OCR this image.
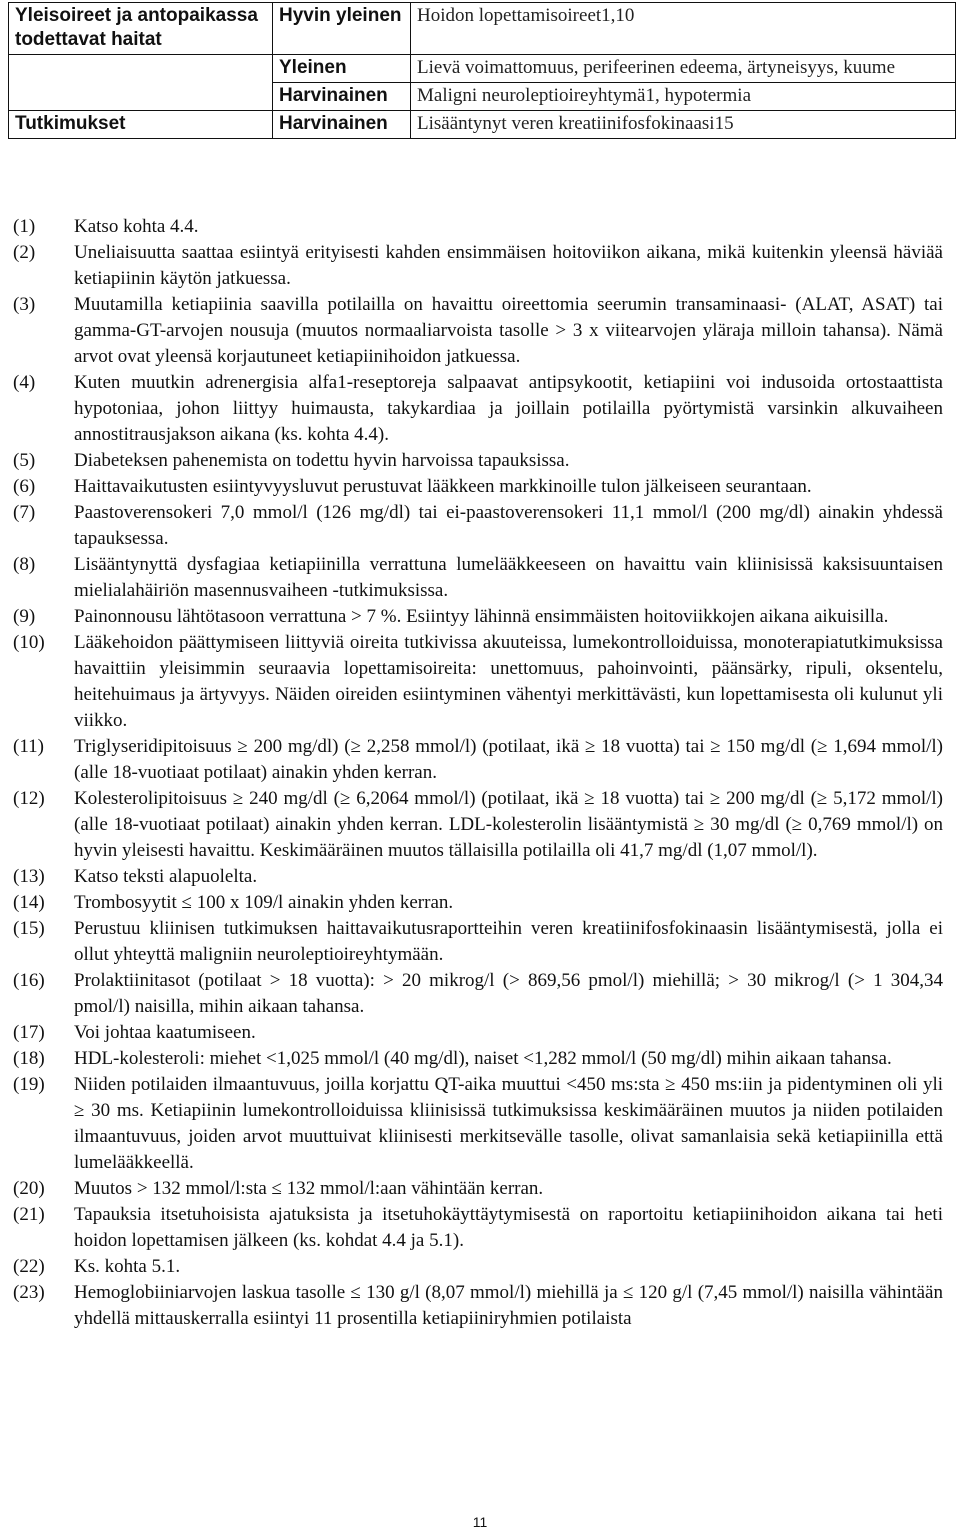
Yleisoireet ja antopaikassa todettavat haitat	Hyvin yleinen	Hoidon lopettamisoireet1,10
	Yleinen	Lievä voimattomuus, perifeerinen edeema, ärtyneisyys, kuume
	Harvinainen	Maligni neuroleptioireyhtymä1, hypotermia
Tutkimukset	Harvinainen	Lisääntynyt veren kreatiinifosfokinaasi15
(1)	Katso kohta 4.4.
(2)	Uneliaisuutta saattaa esiintyä erityisesti kahden ensimmäisen hoitoviikon aikana, mikä kuitenkin yleensä häviää ketiapiinin käytön jatkuessa.
(3)	Muutamilla ketiapiinia saavilla potilailla on havaittu oireettomia seerumin transaminaasi- (ALAT, ASAT) tai gamma-GT-arvojen nousuja (muutos normaaliarvoista tasolle > 3 x viitearvojen yläraja milloin tahansa). Nämä arvot ovat yleensä korjautuneet ketiapiinihoidon jatkuessa.
(4)	Kuten muutkin adrenergisia alfa1-reseptoreja salpaavat antipsykootit, ketiapiini voi indusoida ortostaattista hypotoniaa, johon liittyy huimausta, takykardiaa ja joillain potilailla pyörtymistä varsinkin alkuvaiheen annostitrausjakson aikana (ks. kohta 4.4).
(5)	Diabeteksen pahenemista on todettu hyvin harvoissa tapauksissa.
(6)	Haittavaikutusten esiintyvyysluvut perustuvat lääkkeen markkinoille tulon jälkeiseen seurantaan.
(7)	Paastoverensokeri 7,0 mmol/l (126 mg/dl) tai ei-paastoverensokeri 11,1 mmol/l (200 mg/dl) ainakin yhdessä tapauksessa.
(8)	Lisääntynyttä dysfagiaa ketiapiinilla verrattuna lumelääkkeeseen on havaittu vain kliinisissä kaksisuuntaisen mielialahäiriön masennusvaiheen -tutkimuksissa.
(9)	Painonnousu lähtötasoon verrattuna > 7 %. Esiintyy lähinnä ensimmäisten hoitoviikkojen aikana aikuisilla.
(10)	Lääkehoidon päättymiseen liittyviä oireita tutkivissa akuuteissa, lumekontrolloiduissa, monoterapiatutkimuksissa havaittiin yleisimmin seuraavia lopettamisoireita: unettomuus, pahoinvointi, päänsärky, ripuli, oksentelu, heitehuimaus ja ärtyvyys. Näiden oireiden esiintyminen vähentyi merkittävästi, kun lopettamisesta oli kulunut yli viikko.
(11)	Triglyseridipitoisuus ≥ 200 mg/dl) (≥ 2,258 mmol/l) (potilaat, ikä ≥ 18 vuotta) tai ≥ 150 mg/dl (≥ 1,694 mmol/l) (alle 18-vuotiaat potilaat) ainakin yhden kerran.
(12)	Kolesterolipitoisuus ≥ 240 mg/dl (≥ 6,2064 mmol/l) (potilaat, ikä ≥ 18 vuotta) tai ≥ 200 mg/dl (≥ 5,172 mmol/l) (alle 18-vuotiaat potilaat) ainakin yhden kerran. LDL-kolesterolin lisääntymistä ≥ 30 mg/dl (≥ 0,769 mmol/l) on hyvin yleisesti havaittu. Keskimääräinen muutos tällaisilla potilailla oli 41,7 mg/dl (1,07 mmol/l).
(13)	Katso teksti alapuolelta.
(14)	Trombosyytit ≤ 100 x 109/l ainakin yhden kerran.
(15)	Perustuu kliinisen tutkimuksen haittavaikutusraportteihin veren kreatiinifosfokinaasin lisääntymisestä, jolla ei ollut yhteyttä maligniin neuroleptioireyhtymään.
(16)	Prolaktiinitasot (potilaat > 18 vuotta): > 20 mikrog/l (> 869,56 pmol/l) miehillä; > 30 mikrog/l (> 1 304,34 pmol/l) naisilla, mihin aikaan tahansa.
(17)	Voi johtaa kaatumiseen.
(18)	HDL-kolesteroli: miehet <1,025 mmol/l (40 mg/dl), naiset <1,282 mmol/l (50 mg/dl) mihin aikaan tahansa.
(19)	Niiden potilaiden ilmaantuvuus, joilla korjattu QT-aika muuttui <450 ms:sta ≥ 450 ms:iin ja pidentyminen oli yli ≥ 30 ms. Ketiapiinin lumekontrolloiduissa kliinisissä tutkimuksissa keskimääräinen muutos ja niiden potilaiden ilmaantuvuus, joiden arvot muuttuivat kliinisesti merkitsevälle tasolle, olivat samanlaisia sekä ketiapiinilla että lumelääkkeellä.
(20)	Muutos > 132 mmol/l:sta ≤ 132 mmol/l:aan vähintään kerran.
(21)	Tapauksia itsetuhoisista ajatuksista ja itsetuhokäyttäytymisestä on raportoitu ketiapiinihoidon aikana tai heti hoidon lopettamisen jälkeen (ks. kohdat 4.4 ja 5.1).
(22)	Ks. kohta 5.1.
(23)	Hemoglobiiniarvojen laskua tasolle ≤ 130 g/l (8,07 mmol/l) miehillä ja ≤ 120 g/l (7,45 mmol/l) naisilla vähintään yhdellä mittauskerralla esiintyi 11 prosentilla ketiapiiniryhmien potilaista
11
